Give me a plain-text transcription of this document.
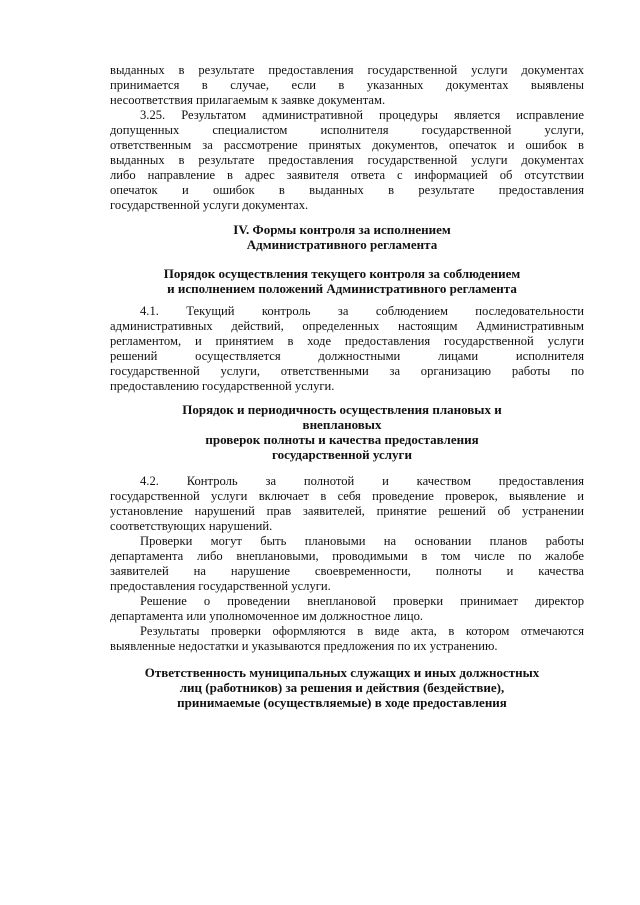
выданных в результате предоставления государственной услуги документах
принимается в случае, если в указанных документах выявлены
несоответствия прилагаемым к заявке документам.
3.25. Результатом административной процедуры является исправление
допущенных специалистом исполнителя государственной услуги,
ответственным за рассмотрение принятых документов, опечаток и ошибок в
выданных в результате предоставления государственной услуги документах
либо направление в адрес заявителя ответа с информацией об отсутствии
опечаток и ошибок в выданных в результате предоставления
государственной услуги документах.
IV. Формы контроля за исполнением
Административного регламента
Порядок осуществления текущего контроля за соблюдением
и исполнением положений Административного регламента
4.1. Текущий контроль за соблюдением последовательности
административных действий, определенных настоящим Административным
регламентом, и принятием в ходе предоставления государственной услуги
решений осуществляется должностными лицами исполнителя
государственной услуги, ответственными за организацию работы по
предоставлению государственной услуги.
Порядок и периодичность осуществления плановых и
внеплановых
проверок полноты и качества предоставления
государственной услуги
4.2. Контроль за полнотой и качеством предоставления
государственной услуги включает в себя проведение проверок, выявление и
установление нарушений прав заявителей, принятие решений об устранении
соответствующих нарушений.
Проверки могут быть плановыми на основании планов работы
департамента либо внеплановыми, проводимыми в том числе по жалобе
заявителей на нарушение своевременности, полноты и качества
предоставления государственной услуги.
Решение о проведении внеплановой проверки принимает директор
департамента или уполномоченное им должностное лицо.
Результаты проверки оформляются в виде акта, в котором отмечаются
выявленные недостатки и указываются предложения по их устранению.
Ответственность муниципальных служащих и иных должностных
лиц (работников) за решения и действия (бездействие),
принимаемые (осуществляемые) в ходе предоставления
